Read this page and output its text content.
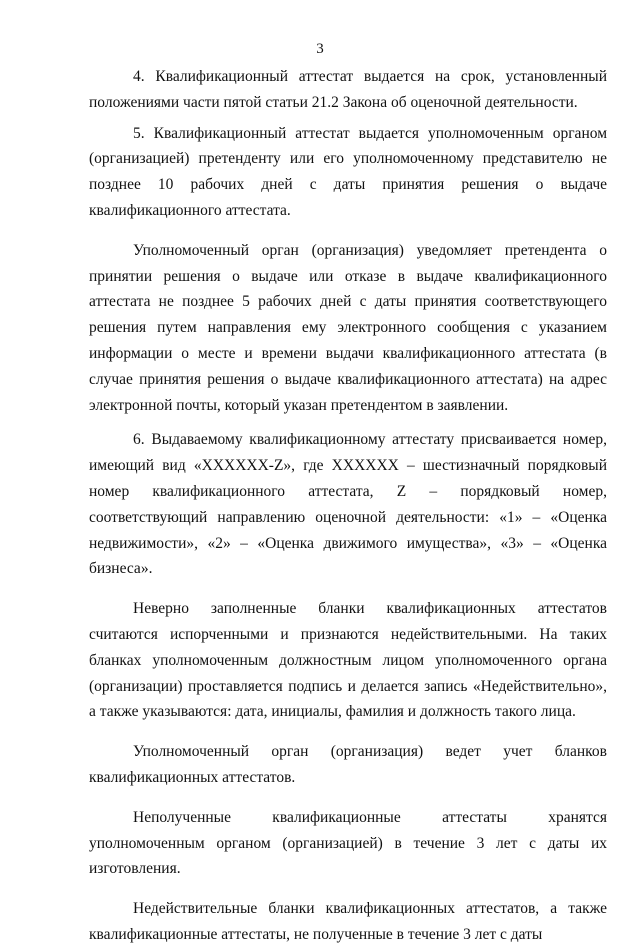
3

4. Квалификационный аттестат выдается на срок, установленный положениями части пятой статьи 21.2 Закона об оценочной деятельности.

5. Квалификационный аттестат выдается уполномоченным органом (организацией) претенденту или его уполномоченному представителю не позднее 10 рабочих дней с даты принятия решения о выдаче квалификационного аттестата.

Уполномоченный орган (организация) уведомляет претендента о принятии решения о выдаче или отказе в выдаче квалификационного аттестата не позднее 5 рабочих дней с даты принятия соответствующего решения путем направления ему электронного сообщения с указанием информации о месте и времени выдачи квалификационного аттестата (в случае принятия решения о выдаче квалификационного аттестата) на адрес электронной почты, который указан претендентом в заявлении.

6. Выдаваемому квалификационному аттестату присваивается номер, имеющий вид «XXXXXX-Z», где XXXXXX – шестизначный порядковый номер квалификационного аттестата, Z – порядковый номер, соответствующий направлению оценочной деятельности: «1» – «Оценка недвижимости», «2» – «Оценка движимого имущества», «3» – «Оценка бизнеса».

Неверно заполненные бланки квалификационных аттестатов считаются испорченными и признаются недействительными. На таких бланках уполномоченным должностным лицом уполномоченного органа (организации) проставляется подпись и делается запись «Недействительно», а также указываются: дата, инициалы, фамилия и должность такого лица.

Уполномоченный орган (организация) ведет учет бланков квалификационных аттестатов.

Неполученные квалификационные аттестаты хранятся уполномоченным органом (организацией) в течение 3 лет с даты их изготовления.

Недействительные бланки квалификационных аттестатов, а также квалификационные аттестаты, не полученные в течение 3 лет с даты
